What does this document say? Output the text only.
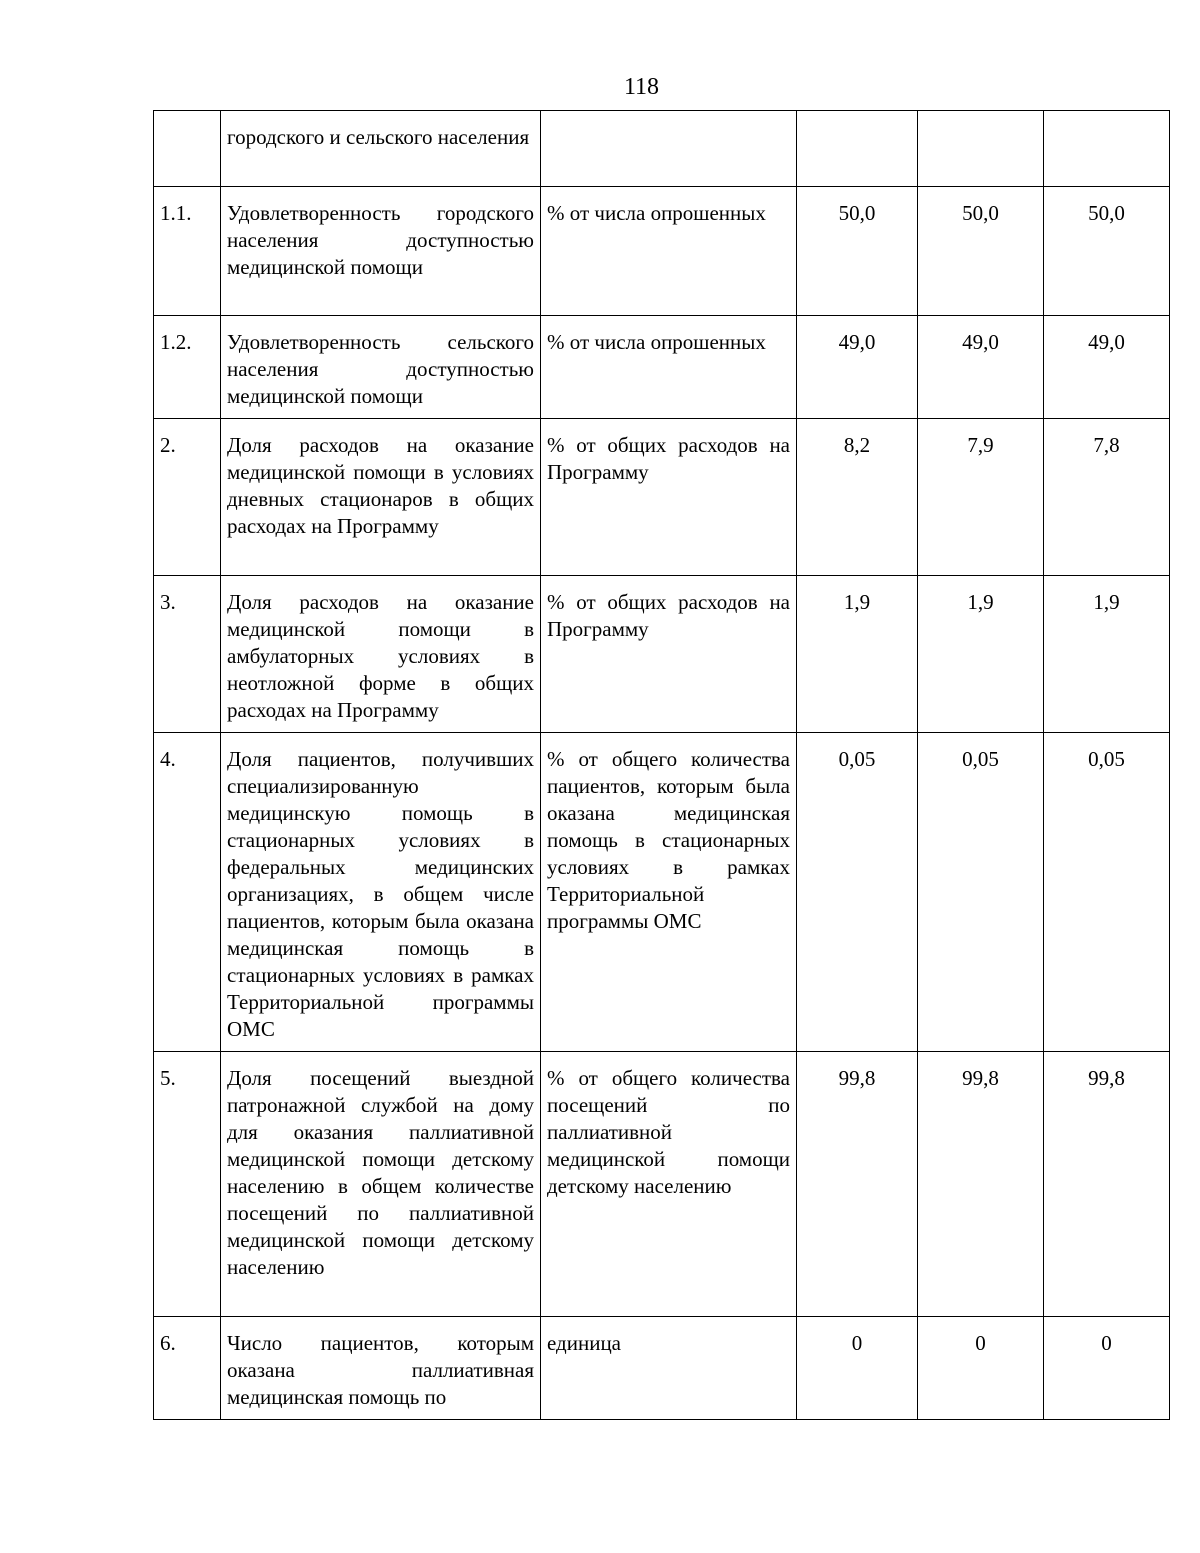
118
	городского и сельского населения				
1.1.	Удовлетворенность городского населения доступностью медицинской помощи	% от числа опрошенных	50,0	50,0	50,0
1.2.	Удовлетворенность сельского населения доступностью медицинской помощи	% от числа опрошенных	49,0	49,0	49,0
2.	Доля расходов на оказание медицинской помощи в условиях дневных стационаров в общих расходах на Программу	% от общих расходов на Программу	8,2	7,9	7,8
3.	Доля расходов на оказание медицинской помощи в амбулаторных условиях в неотложной форме в общих расходах на Программу	% от общих расходов на Программу	1,9	1,9	1,9
4.	Доля пациентов, получивших специализированную медицинскую помощь в стационарных условиях в федеральных медицинских организациях, в общем числе пациентов, которым была оказана медицинская помощь в стационарных условиях в рамках Территориальной программы ОМС	% от общего количества пациентов, которым была оказана медицинская помощь в стационарных условиях в рамках Территориальной программы ОМС	0,05	0,05	0,05
5.	Доля посещений выездной патронажной службой на дому для оказания паллиативной медицинской помощи детскому населению в общем количестве посещений по паллиативной медицинской помощи детскому населению	% от общего количества посещений по паллиативной медицинской помощи детскому населению	99,8	99,8	99,8
6.	Число пациентов, которым оказана паллиативная медицинская помощь по	единица	0	0	0
